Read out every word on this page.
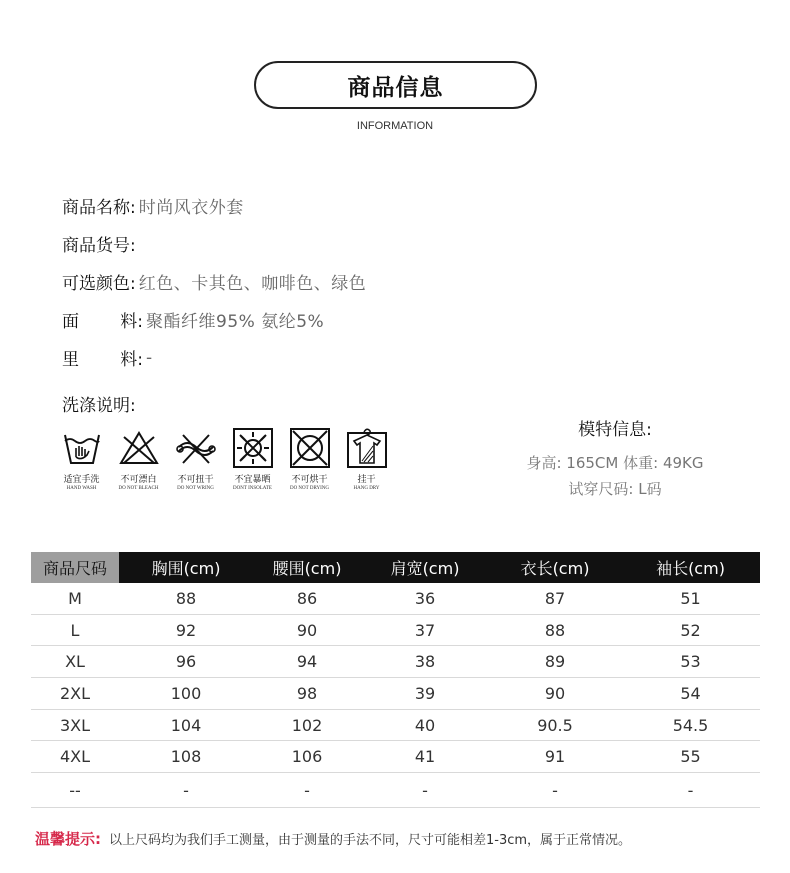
商品信息
INFORMATION
商品名称: 时尚风衣外套
商品货号:
可选颜色: 红色、卡其色、咖啡色、绿色
面 料: 聚酯纤维95% 氨纶5%
里 料: -
洗涤说明:
适宜手洗
HAND WASH
不可漂白
DO NOT BLEACH
不可扭干
DO NOT WRING
不宜暴晒
DONT INSOLATE
不可烘干
DO NOT DRYING
挂干
HANG DRY
模特信息:
身高: 165CM 体重: 49KG
试穿尺码: L码
商品尺码	胸围(cm)	腰围(cm)	肩宽(cm)	衣长(cm)	袖长(cm)
M	88	86	36	87	51
L	92	90	37	88	52
XL	96	94	38	89	53
2XL	100	98	39	90	54
3XL	104	102	40	90.5	54.5
4XL	108	106	41	91	55
--	-	-	-	-	-
温馨提示: 以上尺码均为我们手工测量，由于测量的手法不同，尺寸可能相差1-3cm，属于正常情况。
